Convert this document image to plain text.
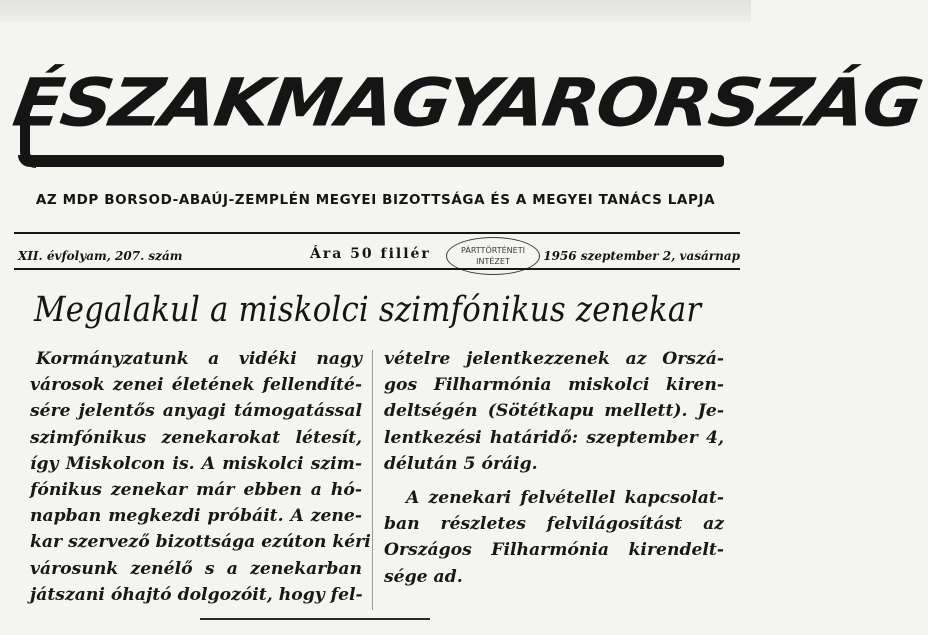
ÉSZAKMAGYARORSZÁG
AZ MDP BORSOD-ABAÚJ-ZEMPLÉN MEGYEI BIZOTTSÁGA ÉS A MEGYEI TANÁCS LAPJA
XII. évfolyam, 207. szám	Ára 50 fillér	1956 szeptember 2, vasárnap
PÁRTTÖRTÉNETI
INTÉZET
Megalakul a miskolci szimfónikus zenekar

Kormányzatunk a vidéki nagy
városok zenei életének fellendíté-
sére jelentős anyagi támogatással
szimfónikus zenekarokat létesít,
így Miskolcon is. A miskolci szim-
fónikus zenekar már ebben a hó-
napban megkezdi próbáit. A zene-
kar szervező bizottsága ezúton kéri
városunk zenélő s a zenekarban
játszani óhajtó dolgozóit, hogy fel-

vételre jelentkezzenek az Orszá-
gos Filharmónia miskolci kiren-
deltségén (Sötétkapu mellett). Je-
lentkezési határidő: szeptember 4,
délután 5 óráig.

A zenekari felvétellel kapcsolat-
ban részletes felvilágosítást az
Országos Filharmónia kirendelt-
sége ad.
